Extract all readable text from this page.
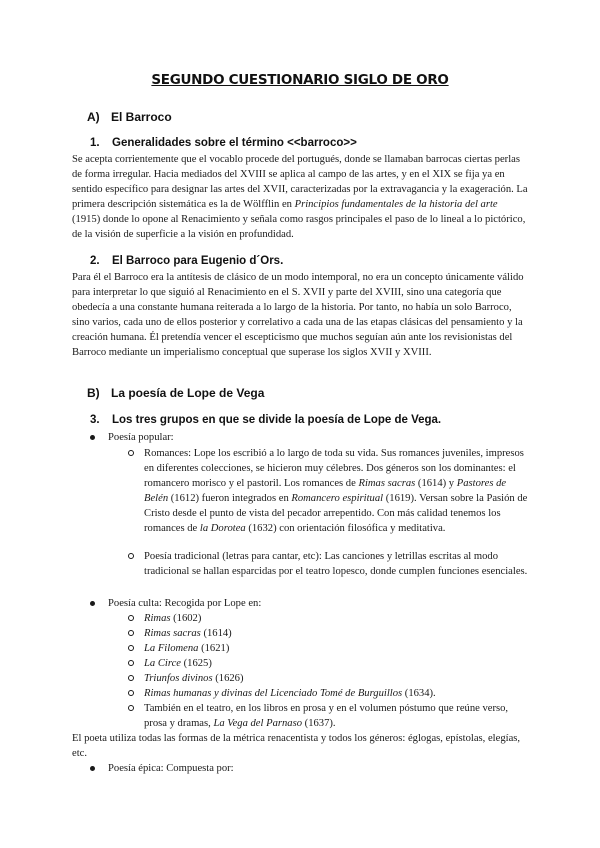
SEGUNDO CUESTIONARIO SIGLO DE ORO
A) El Barroco
1. Generalidades sobre el término <<barroco>>

Se acepta corrientemente que el vocablo procede del portugués, donde se llamaban barrocas ciertas perlas de forma irregular. Hacia mediados del XVIII se aplica al campo de las artes, y en el XIX se fija ya en sentido específico para designar las artes del XVII, caracterizadas por la extravagancia y la exageración. La primera descripción sistemática es la de Wölfflin en Principios fundamentales de la historia del arte (1915) donde lo opone al Renacimiento y señala como rasgos principales el paso de lo lineal a lo pictórico, de la visión de superficie a la visión en profundidad.

2. El Barroco para Eugenio d´Ors.

Para él el Barroco era la antítesis de clásico de un modo intemporal, no era un concepto únicamente válido para interpretar lo que siguió al Renacimiento en el S. XVII y parte del XVIII, sino una categoría que obedecía a una constante humana reiterada a lo largo de la historia. Por tanto, no había un solo Barroco, sino varios, cada uno de ellos posterior y correlativo a cada una de las etapas clásicas del pensamiento y la creación humana. Él pretendía vencer el escepticismo que muchos seguían aún ante los revisionistas del Barroco mediante un imperialismo conceptual que superase los siglos XVII y XVIII.

B) La poesía de Lope de Vega
3. Los tres grupos en que se divide la poesía de Lope de Vega.
Poesía popular:

Romances: Lope los escribió a lo largo de toda su vida. Sus romances juveniles, impresos en diferentes colecciones, se hicieron muy célebres. Dos géneros son los dominantes: el romancero morisco y el pastoril. Los romances de Rimas sacras (1614) y Pastores de Belén (1612) fueron integrados en Romancero espiritual (1619). Versan sobre la Pasión de Cristo desde el punto de vista del pecador arrepentido. Con más calidad tenemos los romances de la Dorotea (1632) con orientación filosófica y meditativa.

Poesía tradicional (letras para cantar, etc): Las canciones y letrillas escritas al modo tradicional se hallan esparcidas por el teatro lopesco, donde cumplen funciones esenciales.

Poesía culta: Recogida por Lope en:

Rimas (1602)

Rimas sacras (1614)

La Filomena (1621)

La Circe (1625)

Triunfos divinos (1626)

Rimas humanas y divinas del Licenciado Tomé de Burguillos (1634).

También en el teatro, en los libros en prosa y en el volumen póstumo que reúne verso, prosa y dramas, La Vega del Parnaso (1637).

El poeta utiliza todas las formas de la métrica renacentista y todos los géneros: églogas, epístolas, elegías, etc.

Poesía épica: Compuesta por:
